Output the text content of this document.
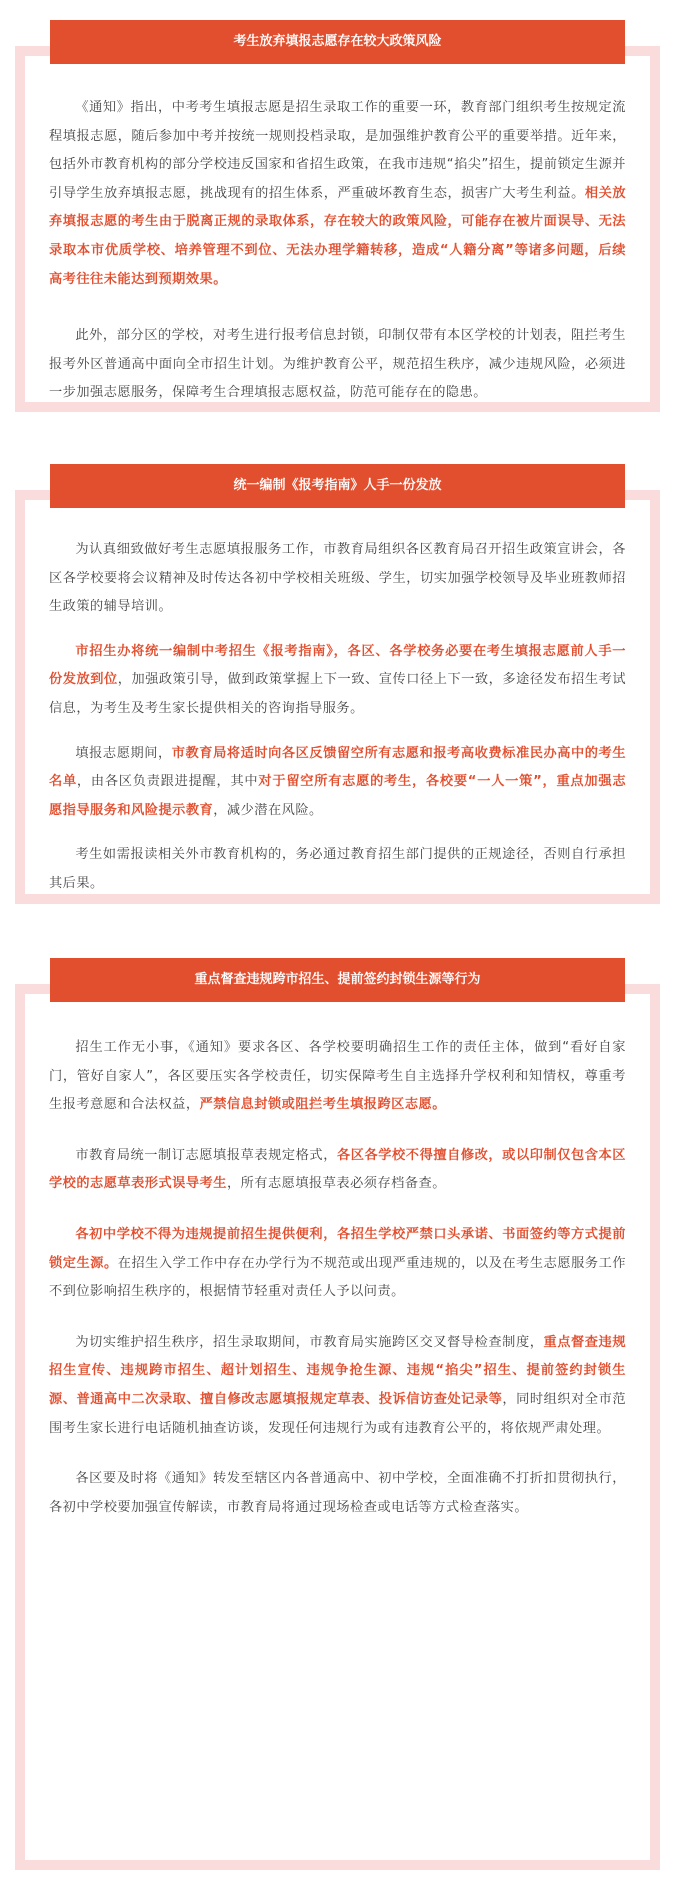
考生放弃填报志愿存在较大政策风险

《通知》指出，中考考生填报志愿是招生录取工作的重要一环，教育部门组织考生按规定流程填报志愿，随后参加中考并按统一规则投档录取，是加强维护教育公平的重要举措。近年来，包括外市教育机构的部分学校违反国家和省招生政策，在我市违规“掐尖”招生，提前锁定生源并引导学生放弃填报志愿，挑战现有的招生体系，严重破坏教育生态，损害广大考生利益。相关放弃填报志愿的考生由于脱离正规的录取体系，存在较大的政策风险，可能存在被片面误导、无法录取本市优质学校、培养管理不到位、无法办理学籍转移，造成“人籍分离”等诸多问题，后续高考往往未能达到预期效果。

此外，部分区的学校，对考生进行报考信息封锁，印制仅带有本区学校的计划表，阻拦考生报考外区普通高中面向全市招生计划。为维护教育公平，规范招生秩序，减少违规风险，必须进一步加强志愿服务，保障考生合理填报志愿权益，防范可能存在的隐患。

统一编制《报考指南》人手一份发放

为认真细致做好考生志愿填报服务工作，市教育局组织各区教育局召开招生政策宣讲会，各区各学校要将会议精神及时传达各初中学校相关班级、学生，切实加强学校领导及毕业班教师招生政策的辅导培训。

市招生办将统一编制中考招生《报考指南》，各区、各学校务必要在考生填报志愿前人手一份发放到位，加强政策引导，做到政策掌握上下一致、宣传口径上下一致，多途径发布招生考试信息，为考生及考生家长提供相关的咨询指导服务。

填报志愿期间，市教育局将适时向各区反馈留空所有志愿和报考高收费标准民办高中的考生名单，由各区负责跟进提醒，其中对于留空所有志愿的考生，各校要“一人一策”，重点加强志愿指导服务和风险提示教育，减少潜在风险。

考生如需报读相关外市教育机构的，务必通过教育招生部门提供的正规途径，否则自行承担其后果。

重点督查违规跨市招生、提前签约封锁生源等行为

招生工作无小事，《通知》要求各区、各学校要明确招生工作的责任主体，做到“看好自家门，管好自家人”，各区要压实各学校责任，切实保障考生自主选择升学权利和知情权，尊重考生报考意愿和合法权益，严禁信息封锁或阻拦考生填报跨区志愿。

市教育局统一制订志愿填报草表规定格式，各区各学校不得擅自修改，或以印制仅包含本区学校的志愿草表形式误导考生，所有志愿填报草表必须存档备查。

各初中学校不得为违规提前招生提供便利，各招生学校严禁口头承诺、书面签约等方式提前锁定生源。在招生入学工作中存在办学行为不规范或出现严重违规的，以及在考生志愿服务工作不到位影响招生秩序的，根据情节轻重对责任人予以问责。

为切实维护招生秩序，招生录取期间，市教育局实施跨区交叉督导检查制度，重点督查违规招生宣传、违规跨市招生、超计划招生、违规争抢生源、违规“掐尖”招生、提前签约封锁生源、普通高中二次录取、擅自修改志愿填报规定草表、投诉信访查处记录等，同时组织对全市范围考生家长进行电话随机抽查访谈，发现任何违规行为或有违教育公平的，将依规严肃处理。

各区要及时将《通知》转发至辖区内各普通高中、初中学校，全面准确不打折扣贯彻执行，各初中学校要加强宣传解读，市教育局将通过现场检查或电话等方式检查落实。
